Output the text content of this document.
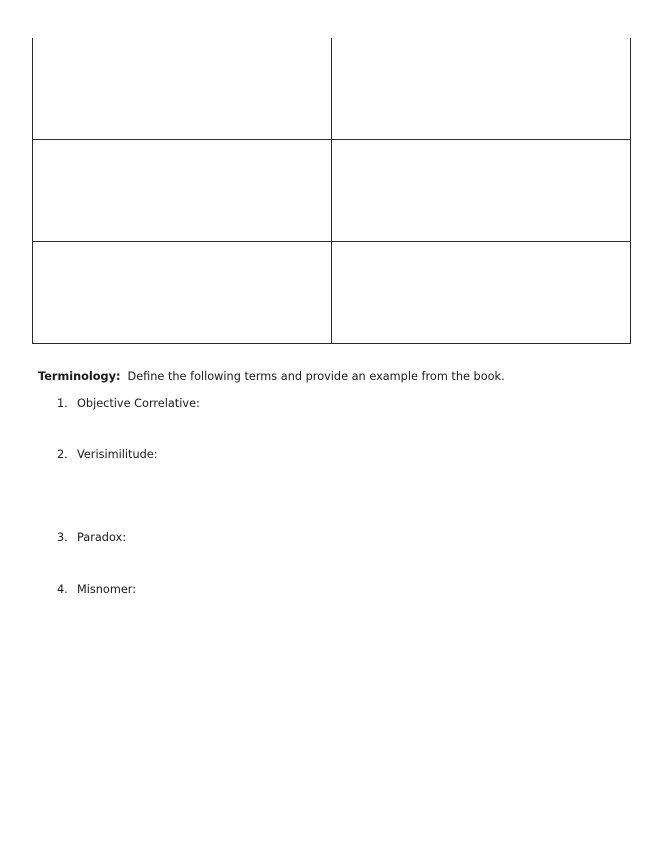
Terminology: Define the following terms and provide an example from the book.
1. Objective Correlative:
2. Verisimilitude:
3. Paradox:
4. Misnomer:
